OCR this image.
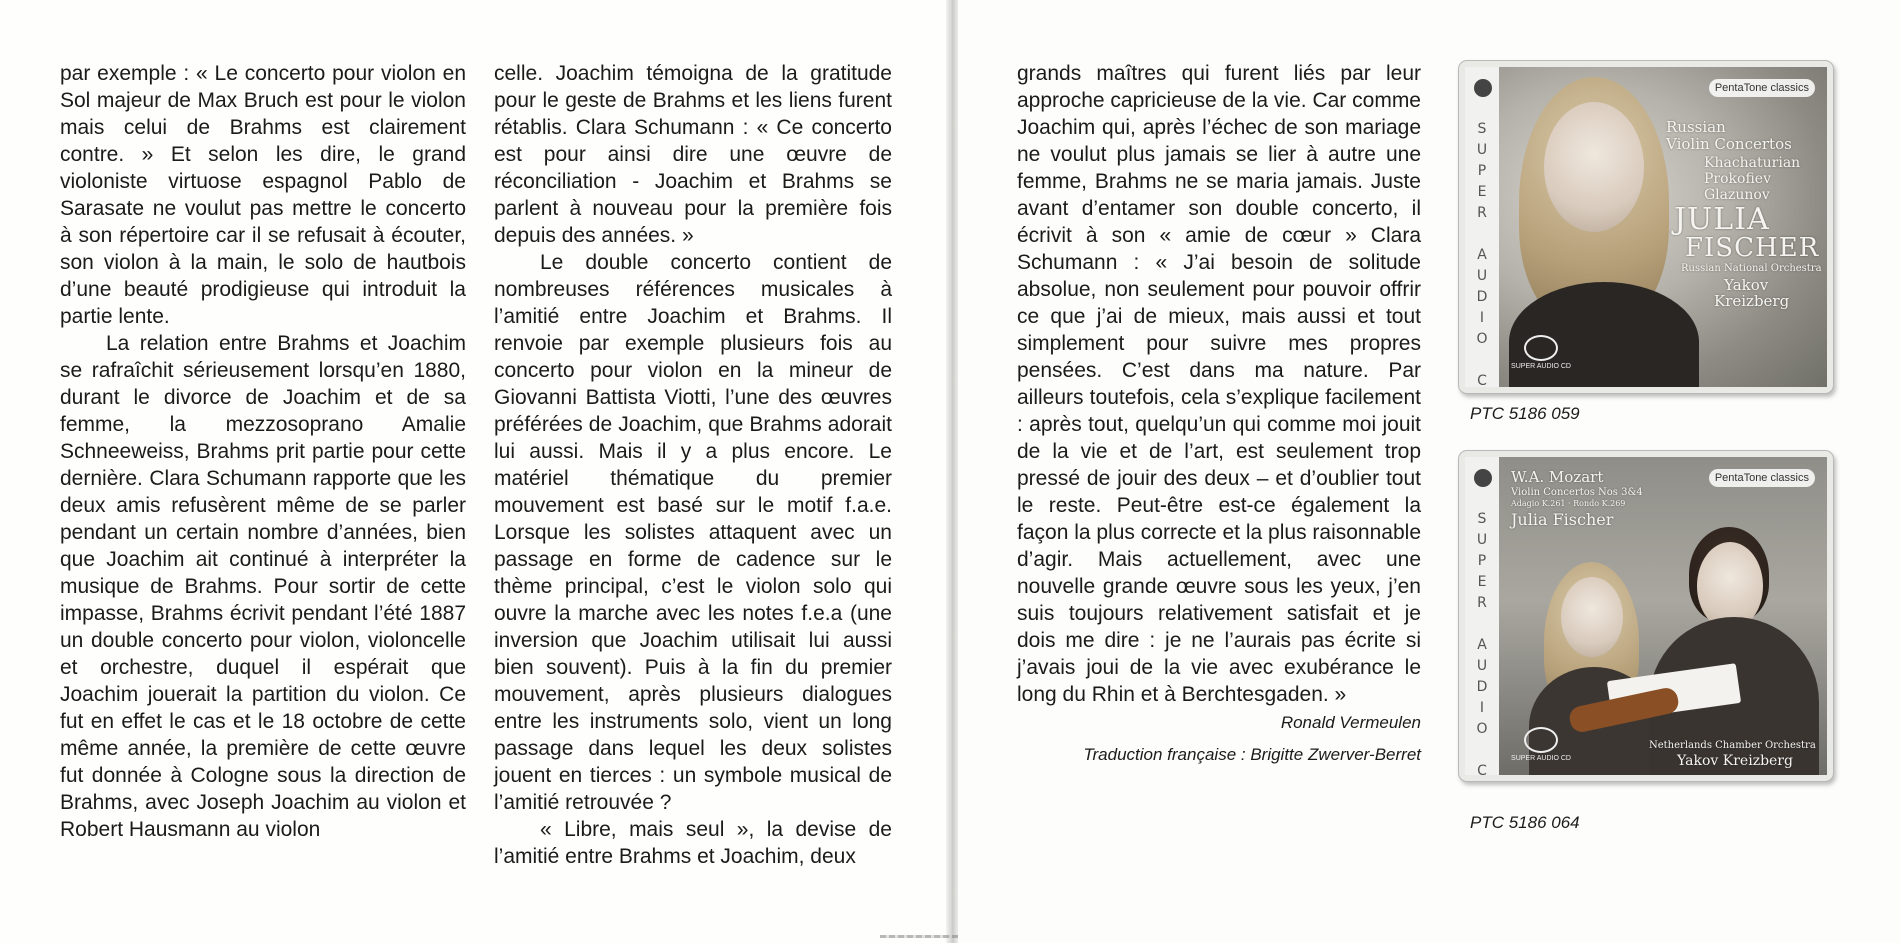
par exemple : « Le concerto pour violon en Sol majeur de Max Bruch est pour le violon mais celui de Brahms est clairement contre. » Et selon les dire, le grand violoniste virtuose espagnol Pablo de Sarasate ne voulut pas mettre le concerto à son répertoire car il se refusait à écouter, son violon à la main, le solo de hautbois d’une beauté prodigieuse qui introduit la partie lente.

La relation entre Brahms et Joachim se rafraîchit sérieusement lorsqu’en 1880, durant le divorce de Joachim et de sa femme, la mezzosoprano Amalie Schneeweiss, Brahms prit partie pour cette dernière. Clara Schumann rapporte que les deux amis refusèrent même de se parler pendant un certain nombre d’années, bien que Joachim ait continué à interpréter la musique de Brahms. Pour sortir de cette impasse, Brahms écrivit pendant l’été 1887 un double concerto pour violon, violoncelle et orchestre, duquel il espérait que Joachim jouerait la partition du violon. Ce fut en effet le cas et le 18 octobre de cette même année, la première de cette œuvre fut donnée à Cologne sous la direction de Brahms, avec Joseph Joachim au violon et Robert Hausmann au violon

celle. Joachim témoigna de la gratitude pour le geste de Brahms et les liens furent rétablis. Clara Schumann : « Ce concerto est pour ainsi dire une œuvre de réconciliation - Joachim et Brahms se parlent à nouveau pour la première fois depuis des années. »

Le double concerto contient de nombreuses références musicales à l’amitié entre Joachim et Brahms. Il renvoie par exemple plusieurs fois au concerto pour violon en la mineur de Giovanni Battista Viotti, l’une des œuvres préférées de Joachim, que Brahms adorait lui aussi. Mais il y a plus encore. Le matériel thématique du premier mouvement est basé sur le motif f.a.e. Lorsque les solistes attaquent avec un passage en forme de cadence sur le thème principal, c’est le violon solo qui ouvre la marche avec les notes f.e.a (une inversion que Joachim utilisait lui aussi bien souvent). Puis à la fin du premier mouvement, après plusieurs dialogues entre les instruments solo, vient un long passage dans lequel les deux solistes jouent en tierces : un symbole musical de l’amitié retrouvée ?

« Libre, mais seul », la devise de l’amitié entre Brahms et Joachim, deux

grands maîtres qui furent liés par leur approche capricieuse de la vie. Car comme Joachim qui, après l’échec de son mariage ne voulut plus jamais se lier à autre une femme, Brahms ne se maria jamais. Juste avant d’entamer son double concerto, il écrivit à son « amie de cœur » Clara Schumann : « J’ai besoin de solitude absolue, non seulement pour pouvoir offrir ce que j’ai de mieux, mais aussi et tout simplement pour suivre mes propres pensées. C’est dans ma nature. Par ailleurs toutefois, cela s’explique facilement : après tout, quelqu’un qui comme moi jouit de la vie et de l’art, est seulement trop pressé de jouir des deux – et d’oublier tout le reste. Peut-être est-ce également la façon la plus correcte et la plus raisonnable d’agir. Mais actuellement, avec une nouvelle grande œuvre sous les yeux, j’en suis toujours relativement satisfait et je dois me dire : je ne l’aurais pas écrite si j’avais joui de la vie avec exubérance le long du Rhin et à Berchtesgaden. »

Ronald Vermeulen
Traduction française : Brigitte Zwerver-Berret
S
U
P
E
R

A
U
D
I
O

C
PentaTone classics
Russian
Violin Concertos
Khachaturian
Prokofiev
Glazunov
JULIA
FISCHER
Russian National Orchestra
Yakov
Kreizberg
SUPER AUDIO CD
PTC 5186 059
S
U
P
E
R

A
U
D
I
O

C
PentaTone classics
W.A. Mozart
Violin Concertos Nos 3&4
Adagio K.261 · Rondo K.269
Julia Fischer
Netherlands Chamber Orchestra
Yakov Kreizberg
SUPER AUDIO CD
PTC 5186 064
